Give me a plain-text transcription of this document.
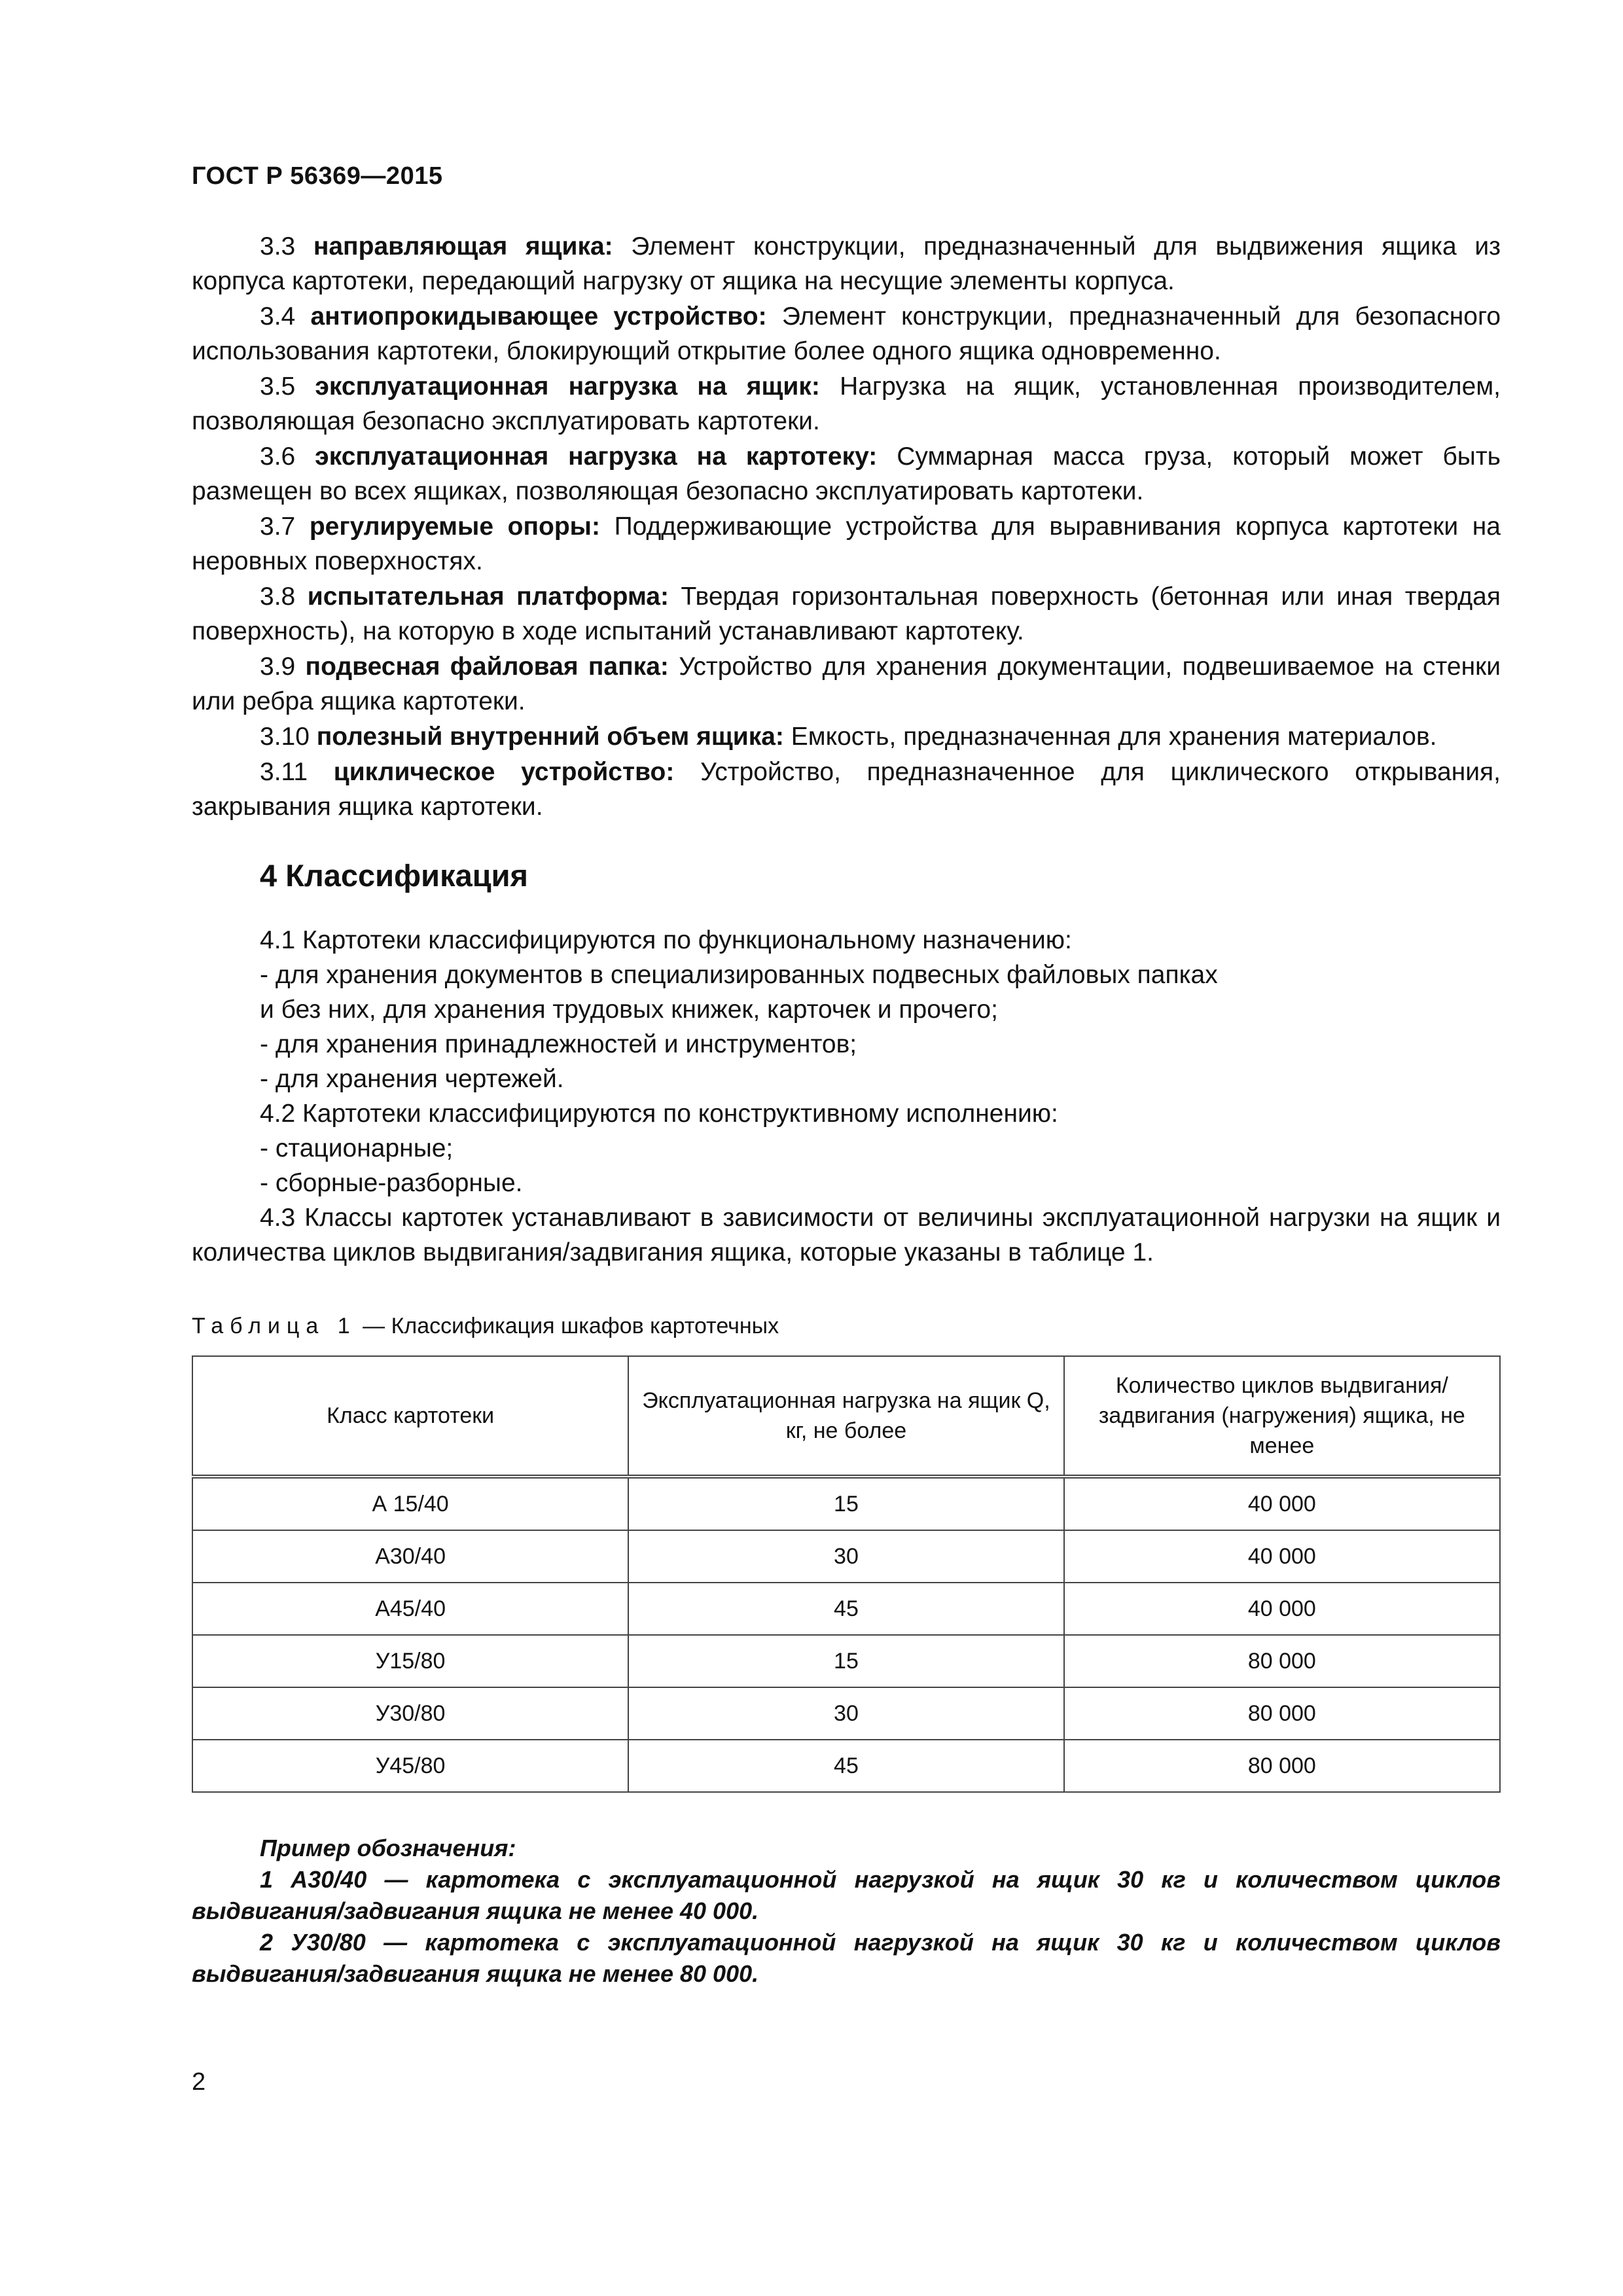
ГОСТ Р 56369—2015

3.3 направляющая ящика: Элемент конструкции, предназначенный для выдвижения ящика из корпуса картотеки, передающий нагрузку от ящика на несущие элементы корпуса.

3.4 антиопрокидывающее устройство: Элемент конструкции, предназначенный для безопасного использования картотеки, блокирующий открытие более одного ящика одновременно.

3.5 эксплуатационная нагрузка на ящик: Нагрузка на ящик, установленная производителем, позволяющая безопасно эксплуатировать картотеки.

3.6 эксплуатационная нагрузка на картотеку: Суммарная масса груза, который может быть размещен во всех ящиках, позволяющая безопасно эксплуатировать картотеки.

3.7 регулируемые опоры: Поддерживающие устройства для выравнивания корпуса картотеки на неровных поверхностях.

3.8 испытательная платформа: Твердая горизонтальная поверхность (бетонная или иная твердая поверхность), на которую в ходе испытаний устанавливают картотеку.

3.9 подвесная файловая папка: Устройство для хранения документации, подвешиваемое на стенки или ребра ящика картотеки.

3.10 полезный внутренний объем ящика: Емкость, предназначенная для хранения материалов.

3.11 циклическое устройство: Устройство, предназначенное для циклического открывания, закрывания ящика картотеки.

4 Классификация

4.1 Картотеки классифицируются по функциональному назначению:

- для хранения документов в специализированных подвесных файловых папках

и без них, для хранения трудовых книжек, карточек и прочего;

- для хранения принадлежностей и инструментов;

- для хранения чертежей.

4.2 Картотеки классифицируются по конструктивному исполнению:

- стационарные;

- сборные-разборные.

4.3 Классы картотек устанавливают в зависимости от величины эксплуатационной нагрузки на ящик и количества циклов выдвигания/задвигания ящика, которые указаны в таблице 1.

Таблица 1 — Классификация шкафов картотечных
Класс картотеки	Эксплуатационная нагрузка на ящик Q, кг, не более	Количество циклов выдвигания/задвигания (нагружения) ящика, не менее
А 15/40	15	40 000
А30/40	30	40 000
А45/40	45	40 000
У15/80	15	80 000
У30/80	30	80 000
У45/80	45	80 000

Пример обозначения:

1 А30/40 — картотека с эксплуатационной нагрузкой на ящик 30 кг и количеством циклов выдвигания/задвигания ящика не менее 40 000.

2 У30/80 — картотека с эксплуатационной нагрузкой на ящик 30 кг и количеством циклов выдвигания/задвигания ящика не менее 80 000.

2
